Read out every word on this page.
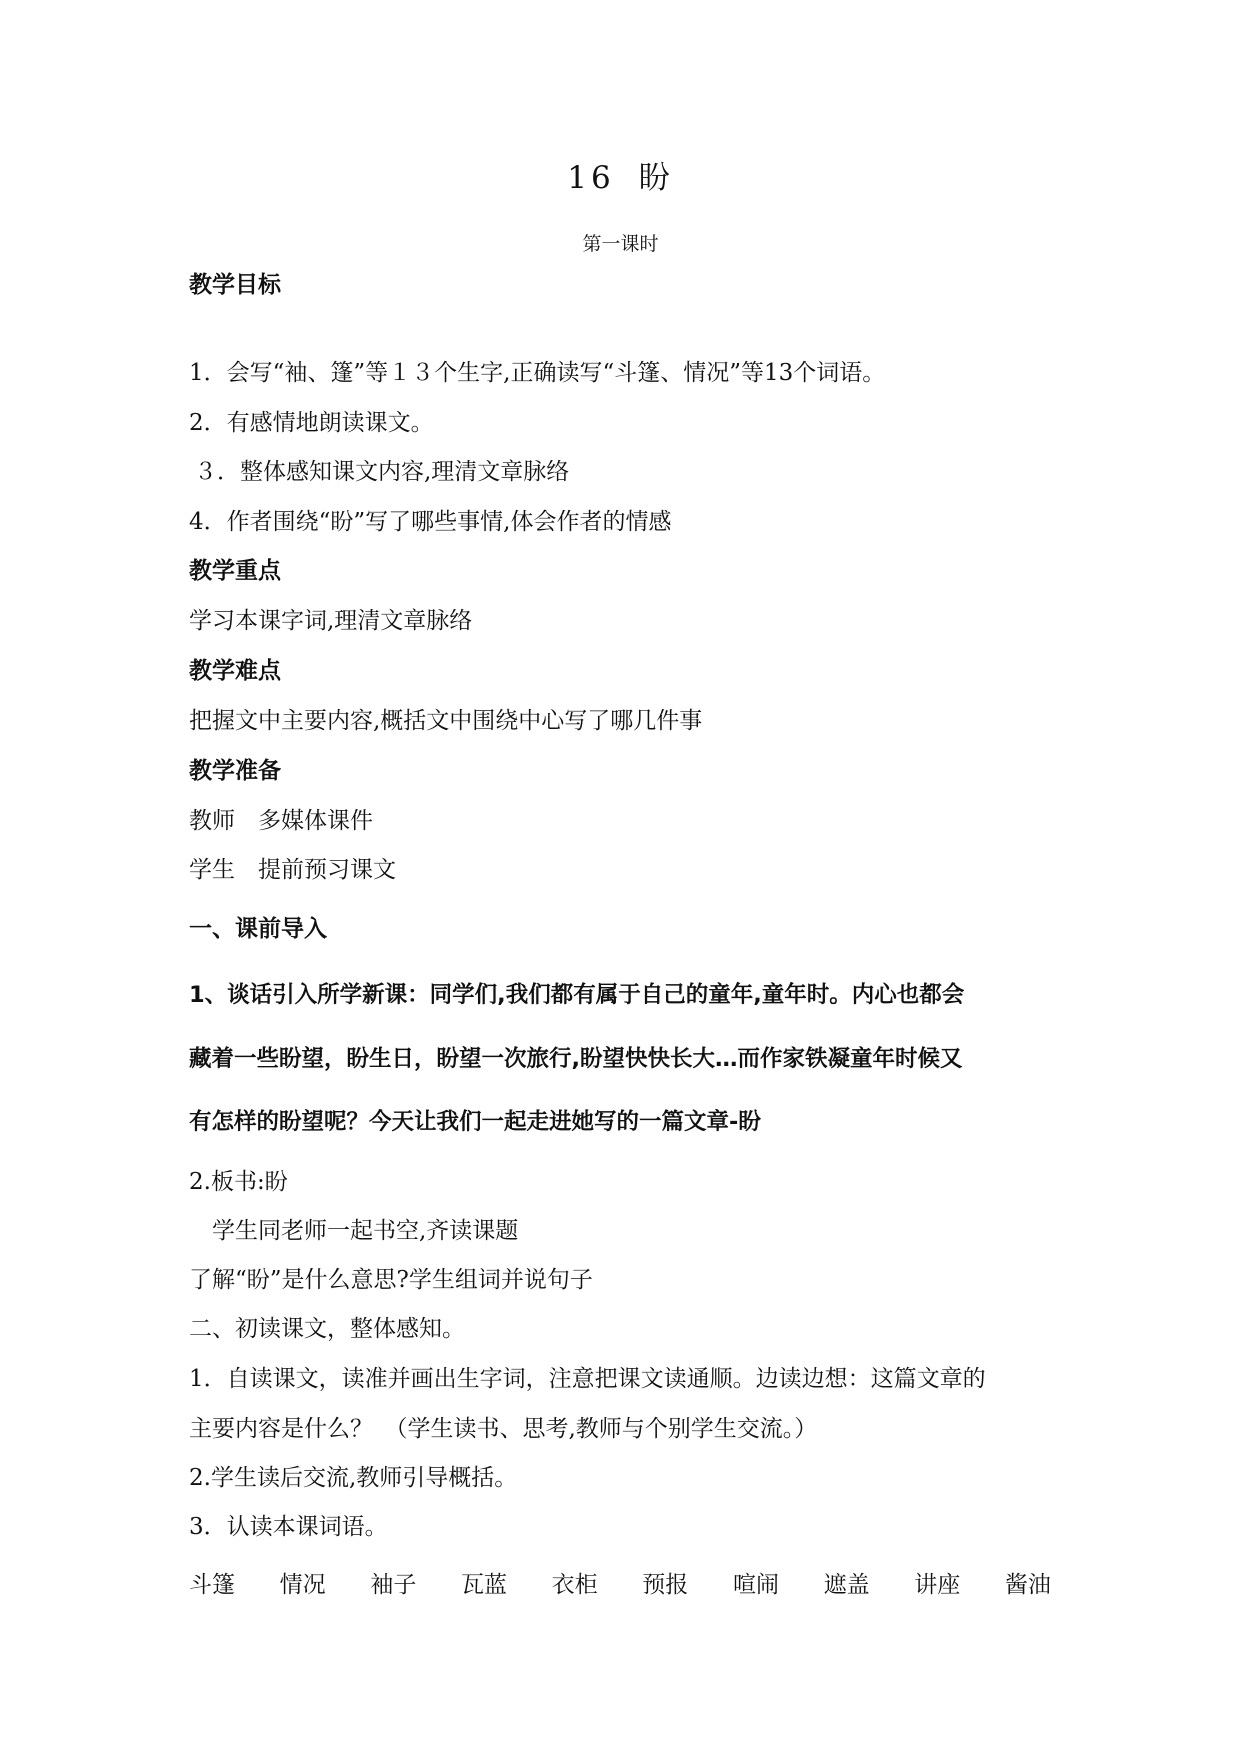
16 盼
第一课时
教学目标
1．会写“袖、篷”等１３个生字,正确读写“斗篷、情况”等13个词语。
2．有感情地朗读课文。
３．整体感知课文内容,理清文章脉络
4．作者围绕“盼”写了哪些事情,体会作者的情感
教学重点
学习本课字词,理清文章脉络
教学难点
把握文中主要内容,概括文中围绕中心写了哪几件事
教学准备
教师　多媒体课件
学生　提前预习课文
一、课前导入
1、谈话引入所学新课：同学们,我们都有属于自己的童年,童年时。内心也都会
藏着一些盼望，盼生日，盼望一次旅行,盼望快快长大…而作家铁凝童年时候又
有怎样的盼望呢？今天让我们一起走进她写的一篇文章-盼
2.板书:盼
　学生同老师一起书空,齐读课题
了解“盼”是什么意思?学生组词并说句子
二、初读课文，整体感知。
1．自读课文，读准并画出生字词，注意把课文读通顺。边读边想：这篇文章的
主要内容是什么？　（学生读书、思考,教师与个别学生交流。）
2.学生读后交流,教师引导概括。
3．认读本课词语。
斗篷 情况 袖子 瓦蓝 衣柜 预报 喧闹 遮盖 讲座 酱油
